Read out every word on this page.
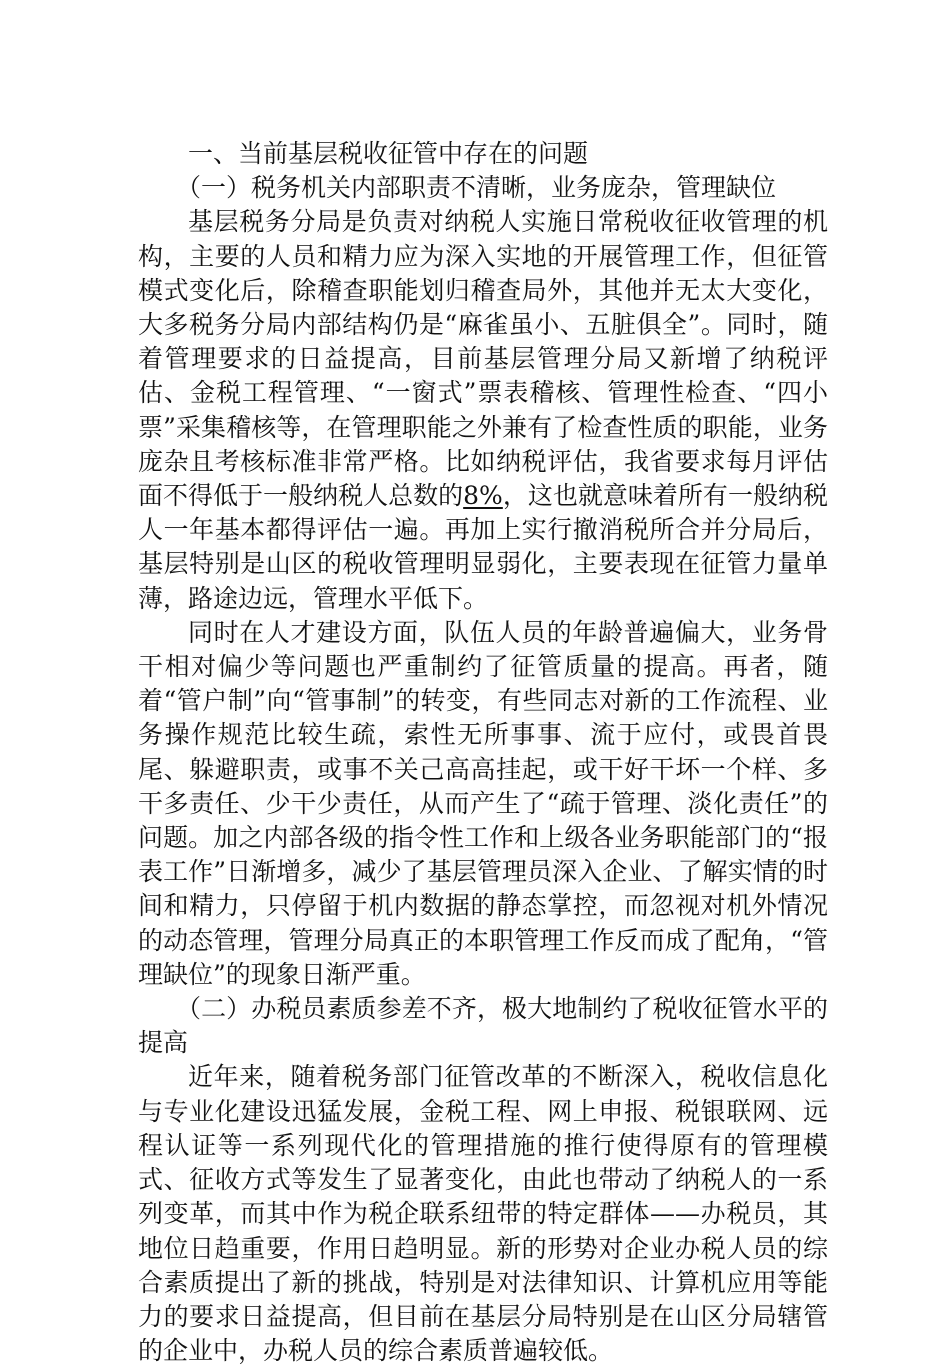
一、当前基层税收征管中存在的问题

（一）税务机关内部职责不清晰，业务庞杂，管理缺位

基层税务分局是负责对纳税人实施日常税收征收管理的机构，主要的人员和精力应为深入实地的开展管理工作，但征管模式变化后，除稽查职能划归稽查局外，其他并无太大变化，大多税务分局内部结构仍是“麻雀虽小、五脏俱全”。同时，随着管理要求的日益提高，目前基层管理分局又新增了纳税评估、金税工程管理、“一窗式”票表稽核、管理性检查、“四小票”采集稽核等，在管理职能之外兼有了检查性质的职能，业务庞杂且考核标准非常严格。比如纳税评估，我省要求每月评估面不得低于一般纳税人总数的8%，这也就意味着所有一般纳税人一年基本都得评估一遍。再加上实行撤消税所合并分局后，基层特别是山区的税收管理明显弱化，主要表现在征管力量单薄，路途边远，管理水平低下。

同时在人才建设方面，队伍人员的年龄普遍偏大，业务骨干相对偏少等问题也严重制约了征管质量的提高。再者，随着“管户制”向“管事制”的转变，有些同志对新的工作流程、业务操作规范比较生疏，索性无所事事、流于应付，或畏首畏尾、躲避职责，或事不关己高高挂起，或干好干坏一个样、多干多责任、少干少责任，从而产生了“疏于管理、淡化责任”的问题。加之内部各级的指令性工作和上级各业务职能部门的“报表工作”日渐增多，减少了基层管理员深入企业、了解实情的时间和精力，只停留于机内数据的静态掌控，而忽视对机外情况的动态管理，管理分局真正的本职管理工作反而成了配角，“管理缺位”的现象日渐严重。

（二）办税员素质参差不齐，极大地制约了税收征管水平的提高

近年来，随着税务部门征管改革的不断深入，税收信息化与专业化建设迅猛发展，金税工程、网上申报、税银联网、远程认证等一系列现代化的管理措施的推行使得原有的管理模式、征收方式等发生了显著变化，由此也带动了纳税人的一系列变革，而其中作为税企联系纽带的特定群体——办税员，其地位日趋重要，作用日趋明显。新的形势对企业办税人员的综合素质提出了新的挑战，特别是对法律知识、计算机应用等能力的要求日益提高，但目前在基层分局特别是在山区分局辖管的企业中，办税人员的综合素质普遍较低。
